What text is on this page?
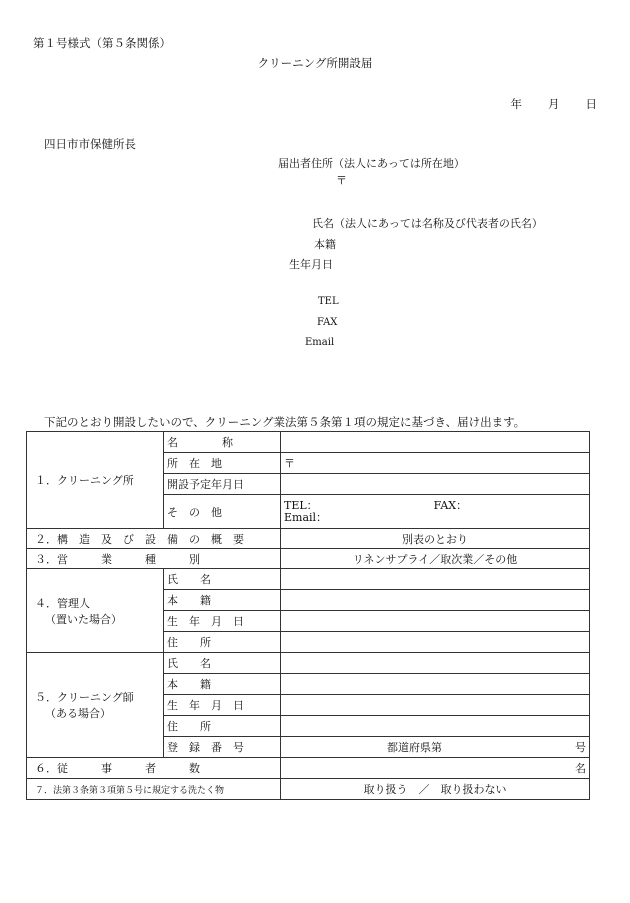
第１号様式（第５条関係）
クリーニング所開設届
年 月 日
四日市市保健所長
届出者住所（法人にあっては所在地）
〒
氏名（法人にあっては名称及び代表者の氏名）
本籍
生年月日
TEL
FAX
Email
下記のとおり開設したいので、クリーニング業法第５条第１項の規定に基づき、届け出ます。
１．クリーニング所	名　　　　称	
	所　在　地	〒
	開設予定年月日	
	そ　の　他	TEL： FAX：
Email：

２．構　造　及　び　設　備　の　概　要		別表のとおり
３．営　　　業　　　種　　　別		リネンサプライ／取次業／その他
４．管理人
（置いた場合）	氏　　名	
	本　　籍	
	生　年　月　日	
	住　　所	
５．クリーニング師
（ある場合）	氏　　名	
	本　　籍	
	生　年　月　日	
	住　　所	
	登　録　番　号	都道府県第 号

６．従　　　事　　　者　　　数		名
７．法第３条第３項第５号に規定する洗たく物		取り扱う　／　取り扱わない
